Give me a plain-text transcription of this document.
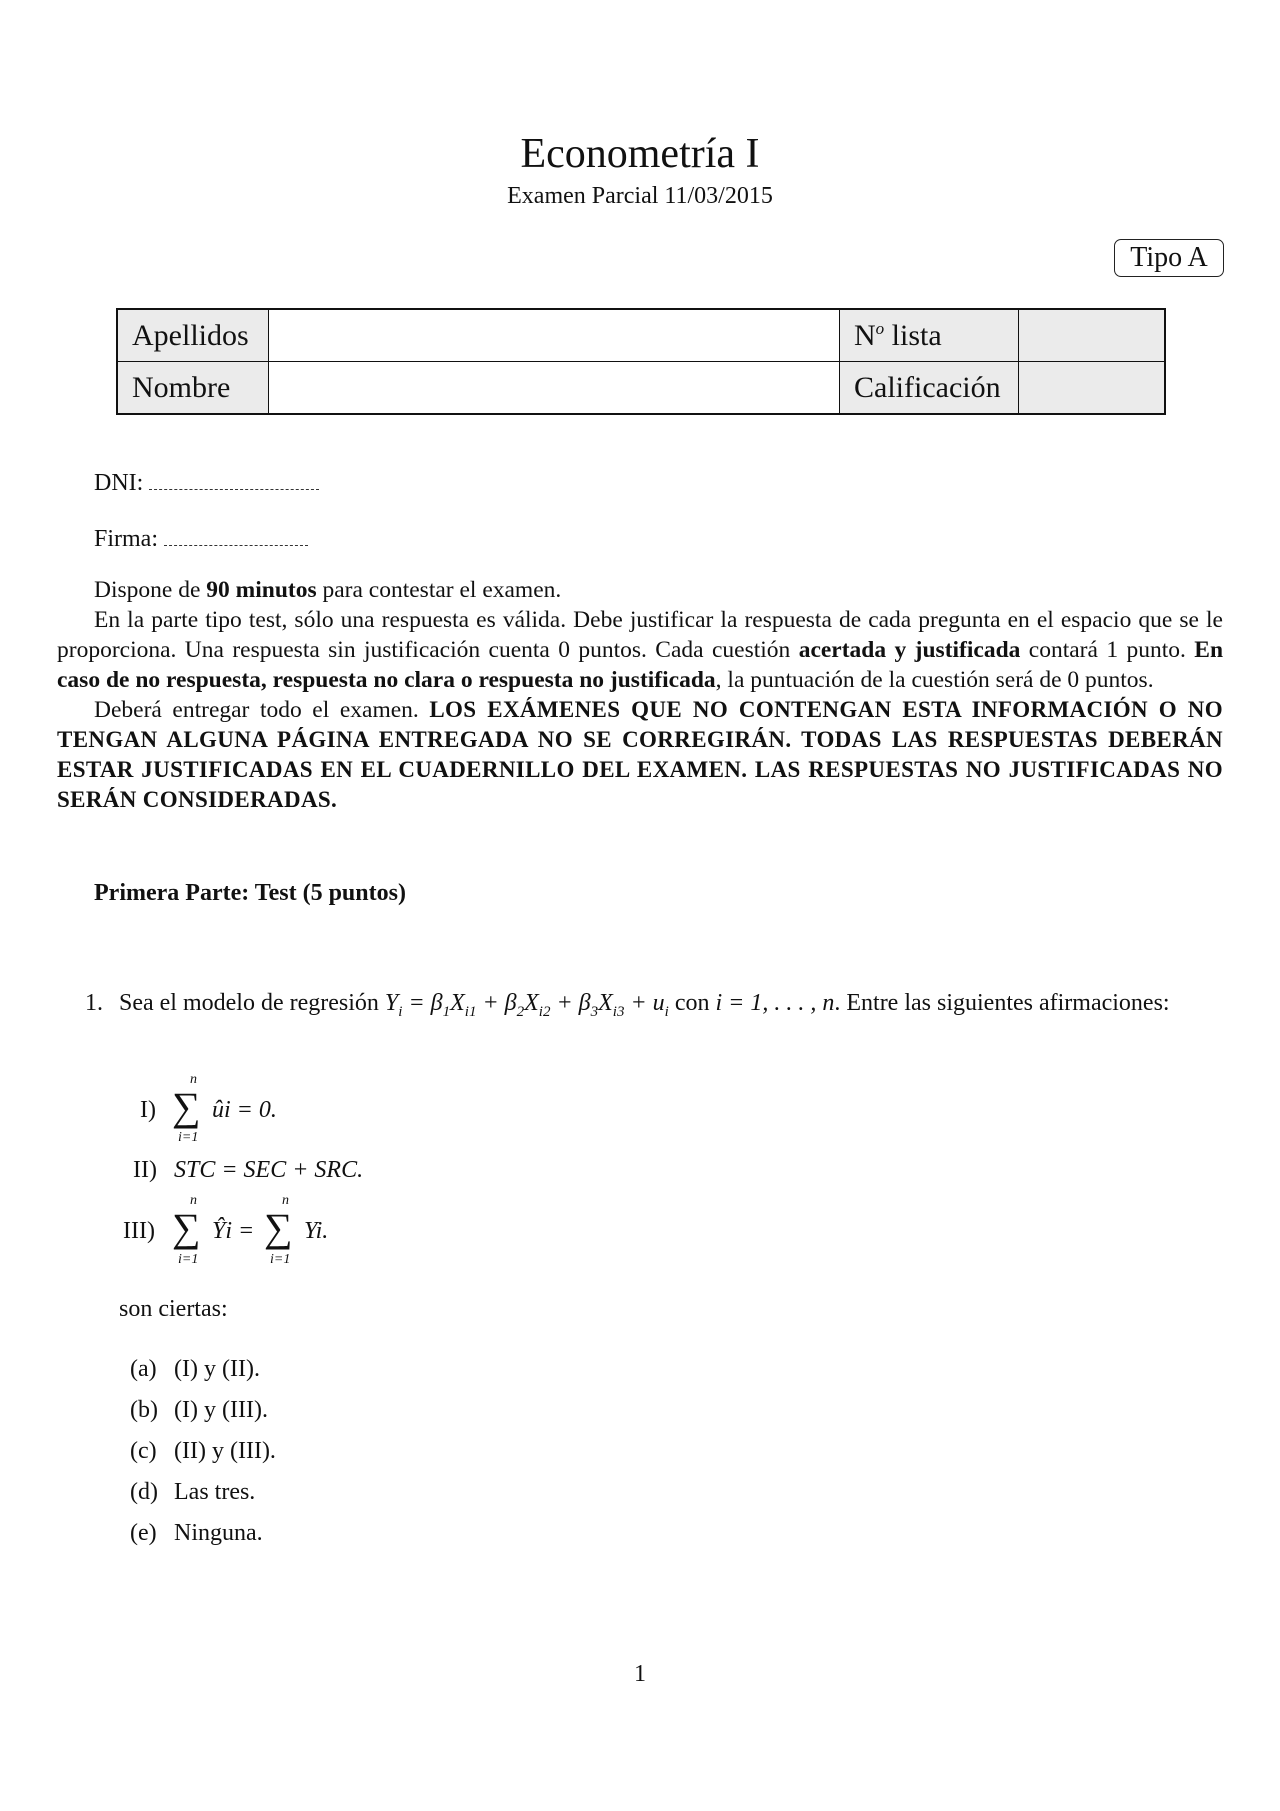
Econometría I
Examen Parcial 11/03/2015
Tipo A
Apellidos		$N^o$ lista	
Nombre		Calificación	
DNI:
Firma:

Dispone de 90 minutos para contestar el examen.

En la parte tipo test, sólo una respuesta es válida. Debe justificar la respuesta de cada pregunta en el espacio que se le proporciona. Una respuesta sin justificación cuenta 0 puntos. Cada cuestión acertada y justificada contará 1 punto. En caso de no respuesta, respuesta no clara o respuesta no justificada, la puntuación de la cuestión será de 0 puntos.

Deberá entregar todo el examen. LOS EXÁMENES QUE NO CONTENGAN ESTA INFORMACIÓN O NO TENGAN ALGUNA PÁGINA ENTREGADA NO SE CORREGIRÁN. TODAS LAS RESPUESTAS DEBERÁN ESTAR JUSTIFICADAS EN EL CUADERNILLO DEL EXAMEN. LAS RESPUESTAS NO JUSTIFICADAS NO SERÁN CONSIDERADAS.

Primera Parte: Test (5 puntos)
1. Sea el modelo de regresión $Y_i = \beta_1X_{i1} + \beta_2X_{i2} + \beta_3X_{i3} + u_i$ con i = 1, . . . , n. Entre las siguientes afirmaciones:
I)
n
∑
i=1
ûi = 0.
II) STC = SEC + SRC.
III)
n
∑
i=1
Ŷi =
n
∑
i=1
Yi.
son ciertas:
(a) (I) y (II).
(b) (I) y (III).
(c) (II) y (III).
(d) Las tres.
(e) Ninguna.
1
